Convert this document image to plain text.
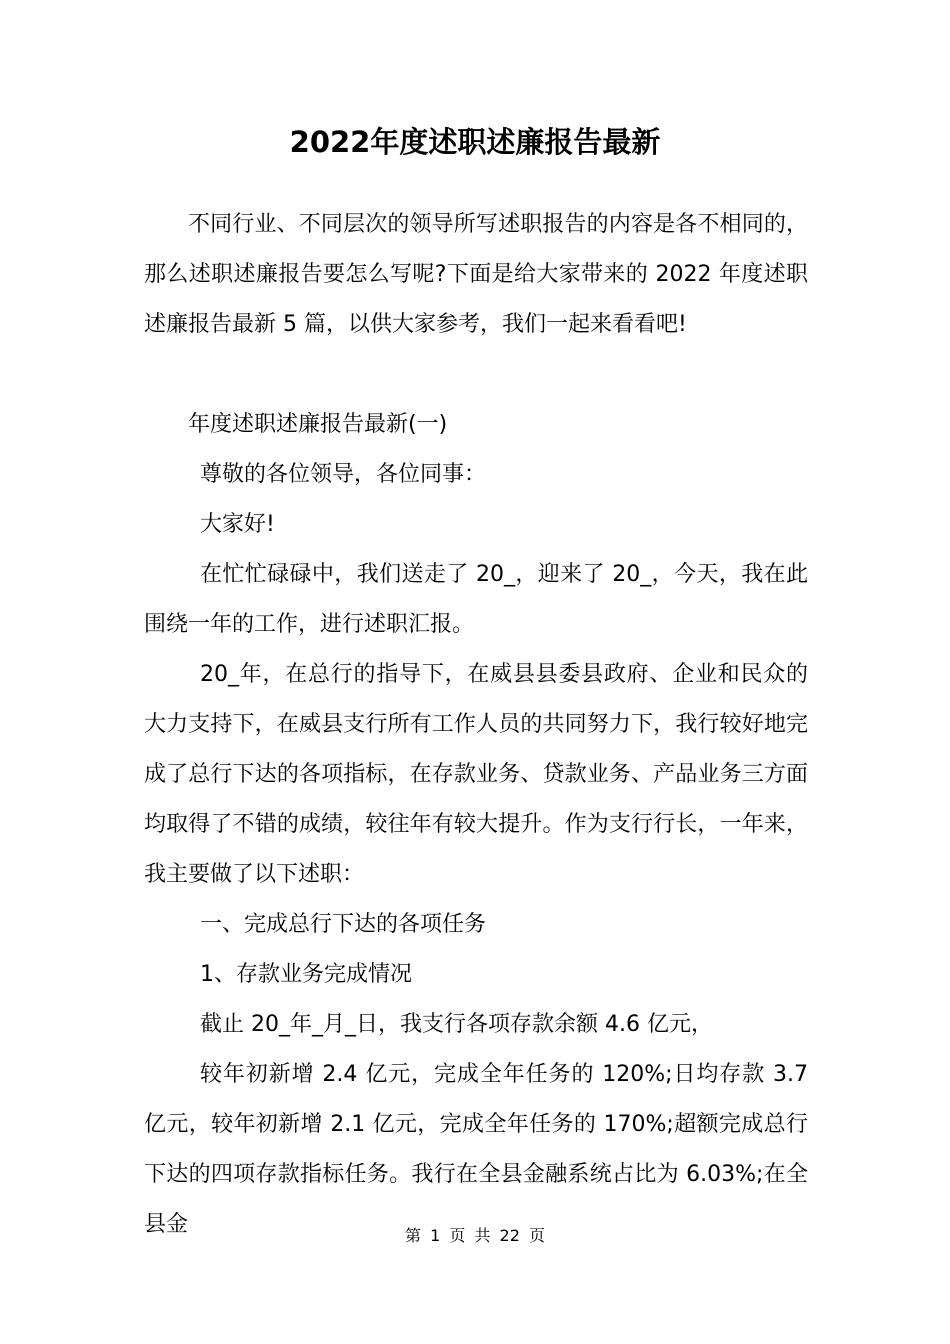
2022年度述职述廉报告最新

不同行业、不同层次的领导所写述职报告的内容是各不相同的，那么述职述廉报告要怎么写呢?下面是给大家带来的 2022 年度述职述廉报告最新 5 篇，以供大家参考，我们一起来看看吧!

年度述职述廉报告最新(一)

尊敬的各位领导，各位同事：

大家好!

在忙忙碌碌中，我们送走了 20_，迎来了 20_，今天，我在此围绕一年的工作，进行述职汇报。

20_年，在总行的指导下，在威县县委县政府、企业和民众的大力支持下，在威县支行所有工作人员的共同努力下，我行较好地完成了总行下达的各项指标，在存款业务、贷款业务、产品业务三方面均取得了不错的成绩，较往年有较大提升。作为支行行长，一年来，我主要做了以下述职：

一、完成总行下达的各项任务

1、存款业务完成情况

截止 20_年_月_日，我支行各项存款余额 4.6 亿元，

较年初新增 2.4 亿元，完成全年任务的 120%;日均存款 3.7 亿元，较年初新增 2.1 亿元，完成全年任务的 170%;超额完成总行下达的四项存款指标任务。我行在全县金融系统占比为 6.03%;在全县金	第 1 页 共 22 页
